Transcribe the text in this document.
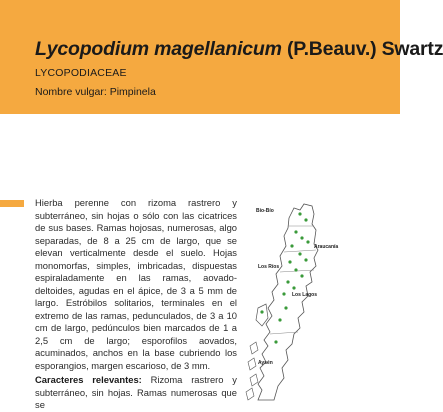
Lycopodium magellanicum (P.Beauv.) Swartz
LYCOPODIACEAE
Nombre vulgar: Pimpinela

Hierba perenne con rizoma rastrero y subterráneo, sin hojas o sólo con las cicatrices de sus bases. Ramas hojosas, numerosas, algo separadas, de 8 a 25 cm de largo, que se elevan verticalmente desde el suelo. Hojas monomorfas, simples, imbricadas, dispuestas espiraladamente en las ramas, aovado-deltoides, agudas en el ápice, de 3 a 5 mm de largo. Estróbilos solitarios, terminales en el extremo de las ramas, pedunculados, de 3 a 10 cm de largo, pedúnculos bien marcados de 1 a 2,5 cm de largo; esporofilos aovados, acuminados, anchos en la base cubriendo los esporangios, margen escarioso, de 3 mm.

Caracteres relevantes: Rizoma rastrero y subterráneo, sin hojas. Ramas numerosas que se

Bío-Bío
Araucanía
Los Ríos
Los Lagos
Aysén
